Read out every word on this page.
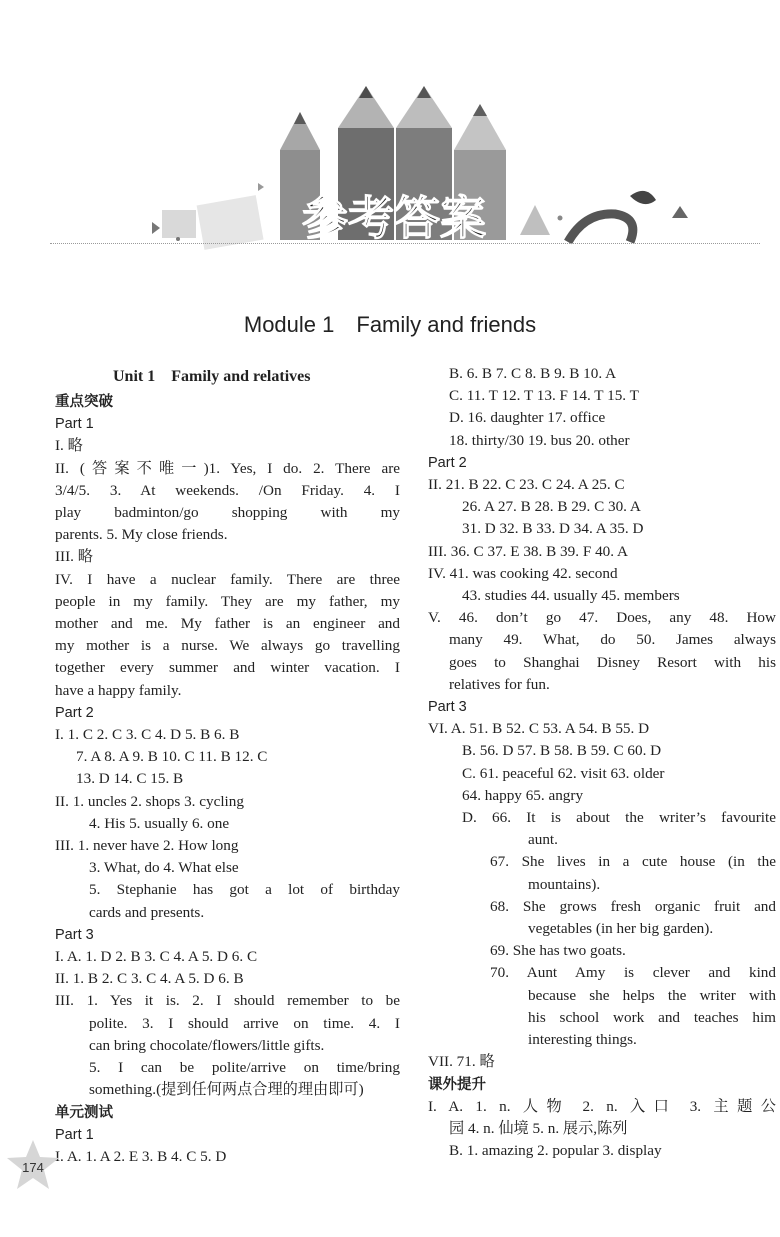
参考答案
Module 1 Family and friends
Unit 1 Family and relatives
重点突破
Part 1
I. 略
II. (答案不唯一)1. Yes, I do. 2. There are
3/4/5. 3. At weekends. /On Friday. 4. I
play badminton/go shopping with my
parents. 5. My close friends.
III. 略
IV. I have a nuclear family. There are three
people in my family. They are my father, my
mother and me. My father is an engineer and
my mother is a nurse. We always go travelling
together every summer and winter vacation. I
have a happy family.
Part 2
I. 1. C 2. C 3. C 4. D 5. B 6. B
7. A 8. A 9. B 10. C 11. B 12. C
13. D 14. C 15. B
II. 1. uncles 2. shops 3. cycling
4. His 5. usually 6. one
III. 1. never have 2. How long
3. What, do 4. What else
5. Stephanie has got a lot of birthday
cards and presents.
Part 3
I. A. 1. D 2. B 3. C 4. A 5. D 6. C
II. 1. B 2. C 3. C 4. A 5. D 6. B
III. 1. Yes it is. 2. I should remember to be
polite. 3. I should arrive on time. 4. I
can bring chocolate/flowers/little gifts.
5. I can be polite/arrive on time/bring
something.(提到任何两点合理的理由即可)
单元测试
Part 1
I. A. 1. A 2. E 3. B 4. C 5. D
B. 6. B 7. C 8. B 9. B 10. A
C. 11. T 12. T 13. F 14. T 15. T
D. 16. daughter 17. office
18. thirty/30 19. bus 20. other
Part 2
II. 21. B 22. C 23. C 24. A 25. C
26. A 27. B 28. B 29. C 30. A
31. D 32. B 33. D 34. A 35. D
III. 36. C 37. E 38. B 39. F 40. A
IV. 41. was cooking 42. second
43. studies 44. usually 45. members
V. 46. don’t go 47. Does, any 48. How
many 49. What, do 50. James always
goes to Shanghai Disney Resort with his
relatives for fun.
Part 3
VI. A. 51. B 52. C 53. A 54. B 55. D
B. 56. D 57. B 58. B 59. C 60. D
C. 61. peaceful 62. visit 63. older
64. happy 65. angry
D. 66. It is about the writer’s favourite
aunt.
67. She lives in a cute house (in the
mountains).
68. She grows fresh organic fruit and
vegetables (in her big garden).
69. She has two goats.
70. Aunt Amy is clever and kind
because she helps the writer with
his school work and teaches him
interesting things.
VII. 71. 略
课外提升
I. A. 1. n. 人物 2. n. 入口 3. 主题公
园 4. n. 仙境 5. n. 展示,陈列
B. 1. amazing 2. popular 3. display
174
